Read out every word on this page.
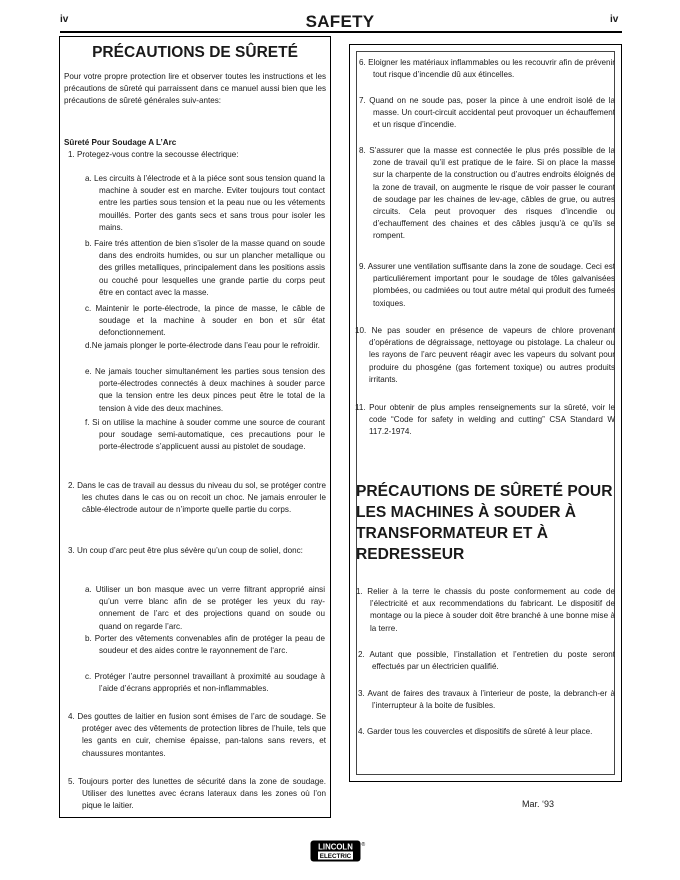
iv	SAFETY	iv
PRÉCAUTIONS DE SÛRETÉ
Pour votre propre protection lire et observer toutes les instructions et les précautions de sûreté qui parraissent dans ce manuel aussi bien que les précautions de sûreté générales suiv-antes:
Sûreté Pour Soudage A L’Arc
1. Protegez-vous contre la secousse électrique:
a. Les circuits à l’électrode et à la piéce sont sous tension quand la machine à souder est en marche. Eviter toujours tout contact entre les parties sous tension et la peau nue ou les vétements mouillés. Porter des gants secs et sans trous pour isoler les mains.
b. Faire trés attention de bien s’isoler de la masse quand on soude dans des endroits humides, ou sur un plancher metallique ou des grilles metalliques, principalement dans les positions assis ou couché pour lesquelles une grande partie du corps peut être en contact avec la masse.
c. Maintenir le porte-électrode, la pince de masse, le câble de soudage et la machine à souder en bon et sûr état defonctionnement.
d.Ne jamais plonger le porte-électrode dans l’eau pour le refroidir.
e. Ne jamais toucher simultanément les parties sous tension des porte-électrodes connectés à deux machines à souder parce que la tension entre les deux pinces peut être le total de la tension à vide des deux machines.
f. Si on utilise la machine à souder comme une source de courant pour soudage semi-automatique, ces precautions pour le porte-électrode s’applicuent aussi au pistolet de soudage.
2. Dans le cas de travail au dessus du niveau du sol, se protéger contre les chutes dans le cas ou on recoit un choc. Ne jamais enrouler le câble-électrode autour de n’importe quelle partie du corps.
3. Un coup d’arc peut être plus sévère qu’un coup de soliel, donc:
a. Utiliser un bon masque avec un verre filtrant approprié ainsi qu’un verre blanc afin de se protéger les yeux du ray-onnement de l’arc et des projections quand on soude ou quand on regarde l’arc.
b. Porter des vêtements convenables afin de protéger la peau de soudeur et des aides contre le rayonnement de l‘arc.
c. Protéger l’autre personnel travaillant à proximité au soudage à l’aide d’écrans appropriés et non-inflammables.
4. Des gouttes de laitier en fusion sont émises de l’arc de soudage. Se protéger avec des vêtements de protection libres de l’huile, tels que les gants en cuir, chemise épaisse, pan-talons sans revers, et chaussures montantes.
5. Toujours porter des lunettes de sécurité dans la zone de soudage. Utiliser des lunettes avec écrans lateraux dans les zones où l’on pique le laitier.
6. Eloigner les matériaux inflammables ou les recouvrir afin de prévenir tout risque d’incendie dû aux étincelles.
7. Quand on ne soude pas, poser la pince à une endroit isolé de la masse. Un court-circuit accidental peut provoquer un échauffement et un risque d’incendie.
8. S’assurer que la masse est connectée le plus prés possible de la zone de travail qu’il est pratique de le faire. Si on place la masse sur la charpente de la construction ou d’autres endroits éloignés de la zone de travail, on augmente le risque de voir passer le courant de soudage par les chaines de lev-age, câbles de grue, ou autres circuits. Cela peut provoquer des risques d’incendie ou d’echauffement des chaines et des câbles jusqu’à ce qu’ils se rompent.
9. Assurer une ventilation suffisante dans la zone de soudage. Ceci est particuliérement important pour le soudage de tôles galvanisées plombées, ou cadmiées ou tout autre métal qui produit des fumeés toxiques.
10. Ne pas souder en présence de vapeurs de chlore provenant d’opérations de dégraissage, nettoyage ou pistolage. La chaleur ou les rayons de l’arc peuvent réagir avec les vapeurs du solvant pour produire du phosgéne (gas fortement toxique) ou autres produits irritants.
11. Pour obtenir de plus amples renseignements sur la sûreté, voir le code “Code for safety in welding and cutting” CSA Standard W 117.2-1974.
PRÉCAUTIONS DE SÛRETÉ POUR LES MACHINES À SOUDER À TRANSFORMATEUR ET À REDRESSEUR
1. Relier à la terre le chassis du poste conformement au code de l’électricité et aux recommendations du fabricant. Le dispositif de montage ou la piece à souder doit être branché à une bonne mise à la terre.
2. Autant que possible, I’installation et l’entretien du poste seront effectués par un électricien qualifié.
3. Avant de faires des travaux à l’interieur de poste, la debranch-er à l’interrupteur à la boite de fusibles.
4. Garder tous les couvercles et dispositifs de sûreté à leur place.
Mar. ‘93
LINCOLN
ELECTRIC
®
